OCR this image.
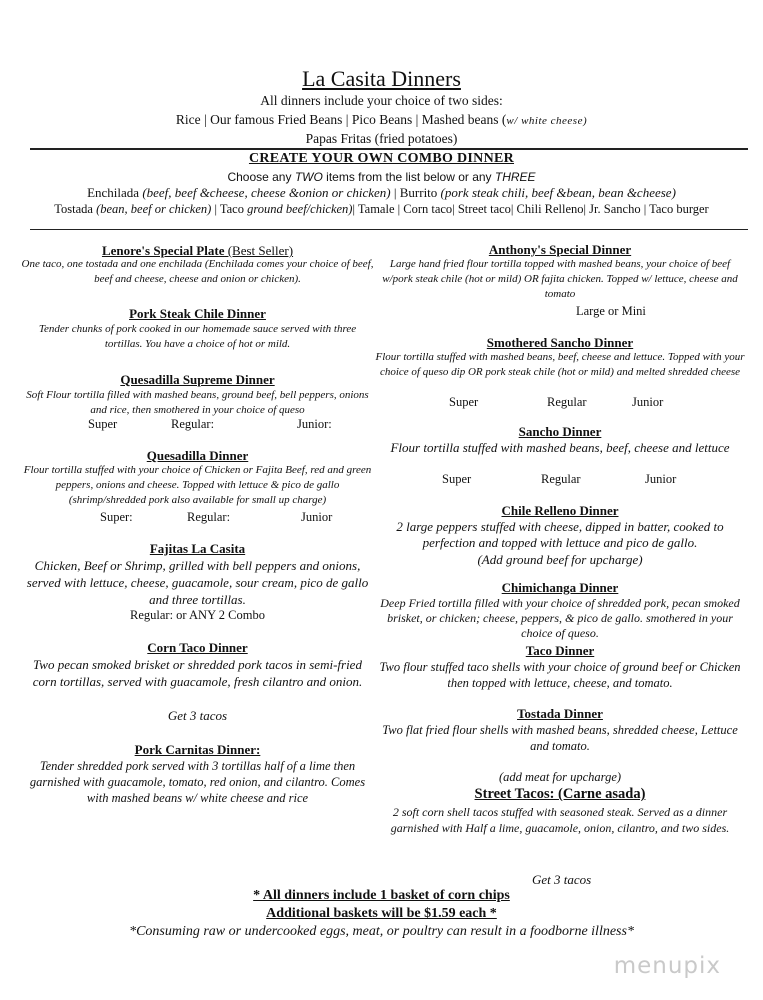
La Casita Dinners
All dinners include your choice of two sides:
Rice | Our famous Fried Beans | Pico Beans | Mashed beans (w/ white cheese)
Papas Fritas (fried potatoes)
CREATE YOUR OWN COMBO DINNER
Choose any TWO items from the list below or any THREE
Enchilada (beef, beef &cheese, cheese &onion or chicken) | Burrito (pork steak chili, beef &bean, bean &cheese)
Tostada (bean, beef or chicken) | Taco ground beef/chicken)| Tamale | Corn taco| Street taco| Chili Relleno| Jr. Sancho | Taco burger
Lenore's Special Plate (Best Seller)
One taco, one tostada and one enchilada (Enchilada comes your choice of beef, beef and cheese, cheese and onion or chicken).
Pork Steak Chile Dinner
Tender chunks of pork cooked in our homemade sauce served with three tortillas. You have a choice of hot or mild.
Quesadilla Supreme Dinner
Soft Flour tortilla filled with mashed beans, ground beef, bell peppers, onions and rice, then smothered in your choice of queso
Super	Regular:	Junior:
Quesadilla Dinner
Flour tortilla stuffed with your choice of Chicken or Fajita Beef, red and green peppers, onions and cheese. Topped with lettuce & pico de gallo (shrimp/shredded pork also available for small up charge)
Super:	Regular:	Junior
Fajitas La Casita
Chicken, Beef or Shrimp, grilled with bell peppers and onions, served with lettuce, cheese, guacamole, sour cream, pico de gallo and three tortillas.
Regular: or ANY 2 Combo
Corn Taco Dinner
Two pecan smoked brisket or shredded pork tacos in semi-fried corn tortillas, served with guacamole, fresh cilantro and onion.
Get 3 tacos
Pork Carnitas Dinner:
Tender shredded pork served with 3 tortillas half of a lime then garnished with guacamole, tomato, red onion, and cilantro. Comes with mashed beans w/ white cheese and rice
Anthony's Special Dinner
Large hand fried flour tortilla topped with mashed beans, your choice of beef w/pork steak chile (hot or mild) OR fajita chicken. Topped w/ lettuce, cheese and tomato
Large or Mini
Smothered Sancho Dinner
Flour tortilla stuffed with mashed beans, beef, cheese and lettuce. Topped with your choice of queso dip OR pork steak chile (hot or mild) and melted shredded cheese
Super	Regular	Junior
Sancho Dinner
Flour tortilla stuffed with mashed beans, beef, cheese and lettuce
Super	Regular	Junior
Chile Relleno Dinner
2 large peppers stuffed with cheese, dipped in batter, cooked to perfection and topped with lettuce and pico de gallo.
(Add ground beef for upcharge)
Chimichanga Dinner
Deep Fried tortilla filled with your choice of shredded pork, pecan smoked brisket, or chicken; cheese, peppers, & pico de gallo. smothered in your choice of queso.
Taco Dinner
Two flour stuffed taco shells with your choice of ground beef or Chicken then topped with lettuce, cheese, and tomato.
Tostada Dinner
Two flat fried flour shells with mashed beans, shredded cheese, Lettuce and tomato.
(add meat for upcharge)
Street Tacos: (Carne asada)
2 soft corn shell tacos stuffed with seasoned steak. Served as a dinner garnished with Half a lime, guacamole, onion, cilantro, and two sides.
Get 3 tacos
* All dinners include 1 basket of corn chips
Additional baskets will be $1.59 each *
*Consuming raw or undercooked eggs, meat, or poultry can result in a foodborne illness*
menupix
